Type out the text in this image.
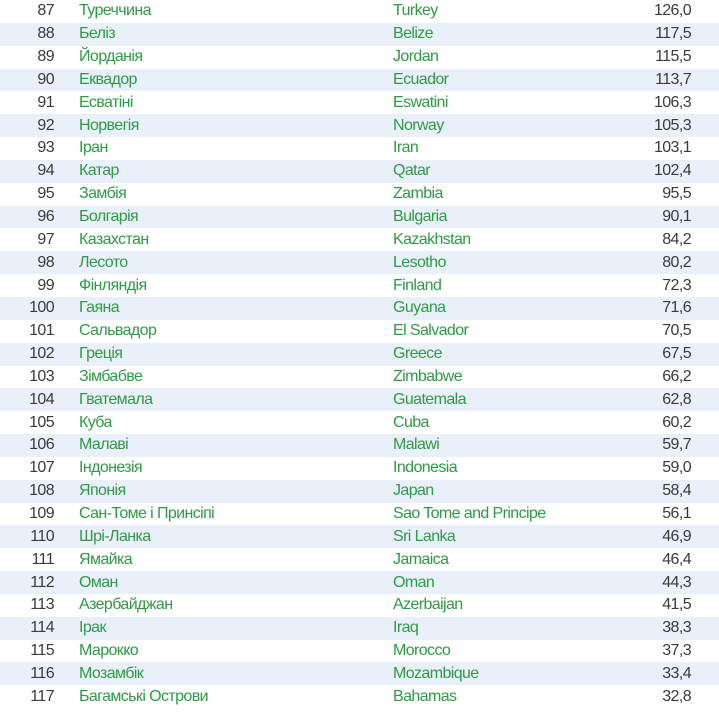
87 Туреччина	Turkey	126,0
88 Беліз	Belize	117,5
89 Йорданія	Jordan	115,5
90 Еквадор	Ecuador	113,7
91 Есватіні	Eswatini	106,3
92 Норвегія	Norway	105,3
93 Іран	Iran	103,1
94 Катар	Qatar	102,4
95 Замбія	Zambia	95,5
96 Болгарія	Bulgaria	90,1
97 Казахстан	Kazakhstan	84,2
98 Лесото	Lesotho	80,2
99 Фінляндія	Finland	72,3
100 Гаяна	Guyana	71,6
101 Сальвадор	El Salvador	70,5
102 Греція	Greece	67,5
103 Зімбабве	Zimbabwe	66,2
104 Гватемала	Guatemala	62,8
105 Куба	Cuba	60,2
106 Малаві	Malawi	59,7
107 Індонезія	Indonesia	59,0
108 Японія	Japan	58,4
109 Сан-Томе і Принсіпі	Sao Tome and Principe	56,1
110 Шрі-Ланка	Sri Lanka	46,9
111 Ямайка	Jamaica	46,4
112 Оман	Oman	44,3
113 Азербайджан	Azerbaijan	41,5
114 Ірак	Iraq	38,3
115 Марокко	Morocco	37,3
116 Мозамбік	Mozambique	33,4
117 Багамські Острови	Bahamas	32,8
